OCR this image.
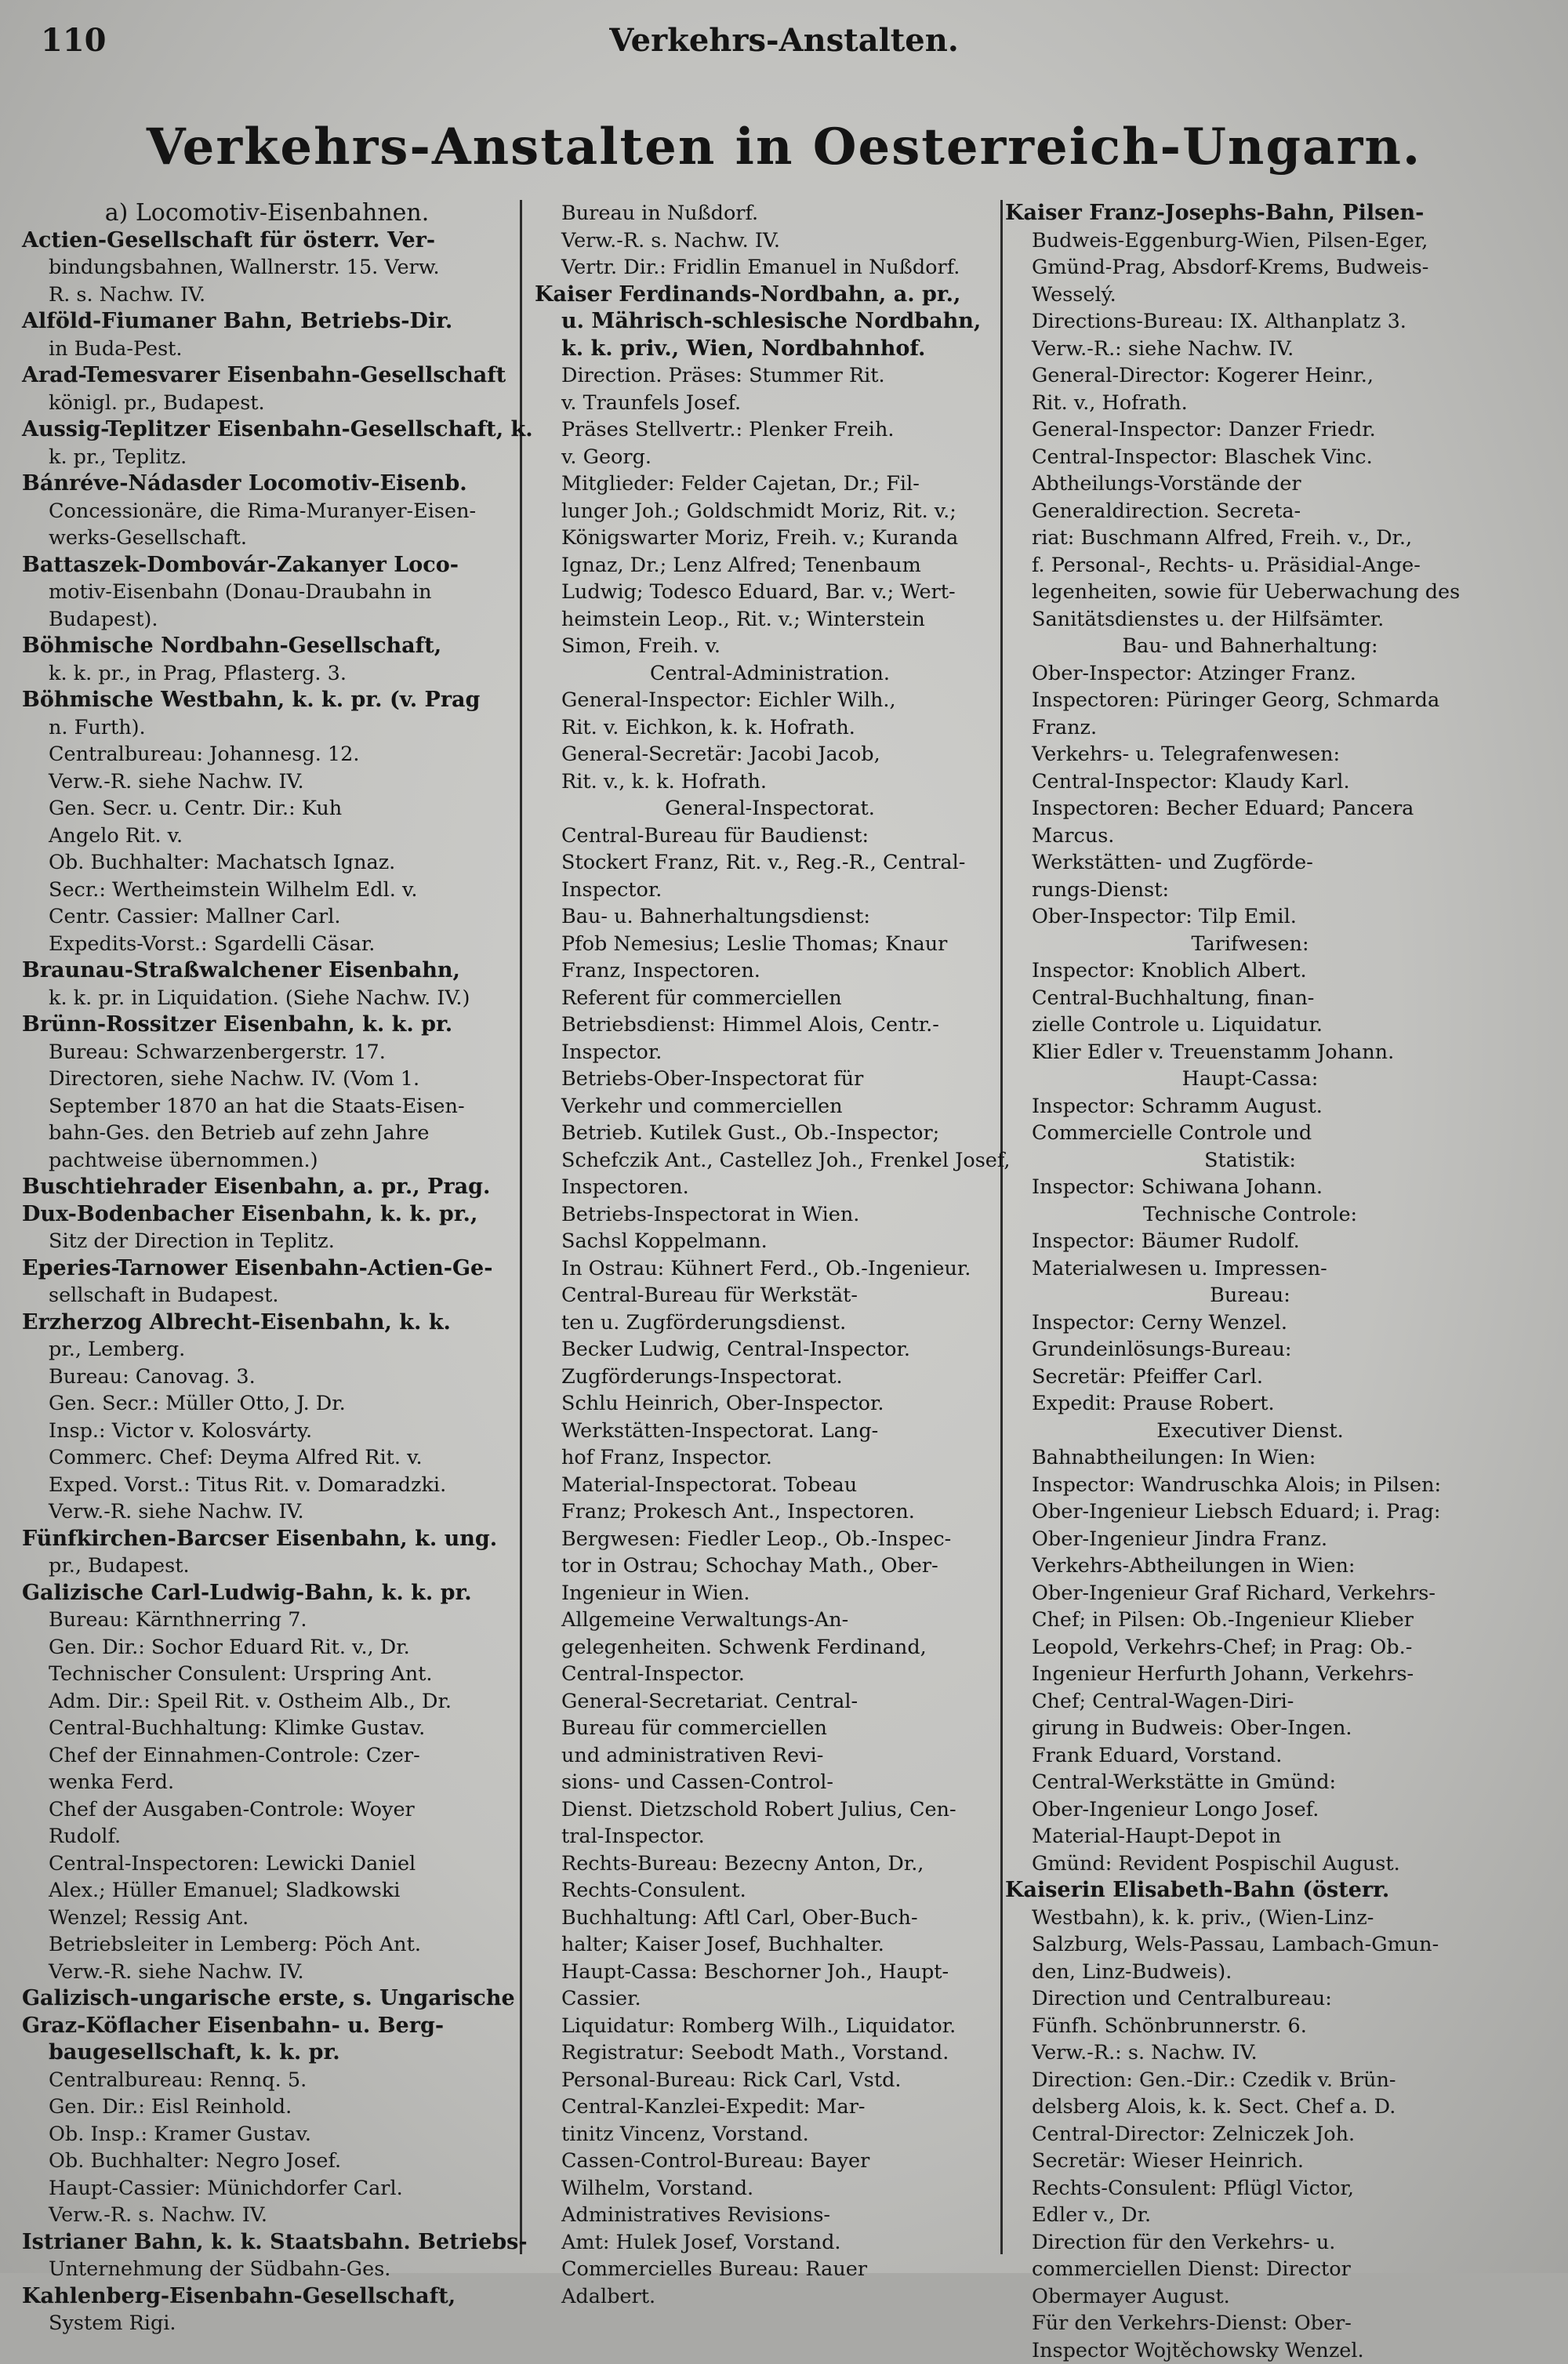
110	Verkehrs-Anstalten.
Verkehrs-Anstalten in Oesterreich-Ungarn.
a) Locomotiv-Eisenbahnen.
Actien-Gesellschaft für österr. Ver-
bindungsbahnen, Wallnerstr. 15. Verw.
R. s. Nachw. IV.
Alföld-Fiumaner Bahn, Betriebs-Dir.
in Buda-Pest.
Arad-Temesvarer Eisenbahn-Gesellschaft
königl. pr., Budapest.
Aussig-Teplitzer Eisenbahn-Gesellschaft, k.
k. pr., Teplitz.
Bánréve-Nádasder Locomotiv-Eisenb.
Concessionäre, die Rima-Muranyer-Eisen-
werks-Gesellschaft.
Battaszek-Dombovár-Zakanyer Loco-
motiv-Eisenbahn (Donau-Draubahn in
Budapest).
Böhmische Nordbahn-Gesellschaft,
k. k. pr., in Prag, Pflasterg. 3.
Böhmische Westbahn, k. k. pr. (v. Prag
n. Furth).
Centralbureau: Johannesg. 12.
Verw.-R. siehe Nachw. IV.
Gen. Secr. u. Centr. Dir.: Kuh
Angelo Rit. v.
Ob. Buchhalter: Machatsch Ignaz.
Secr.: Wertheimstein Wilhelm Edl. v.
Centr. Cassier: Mallner Carl.
Expedits-Vorst.: Sgardelli Cäsar.
Braunau-Straßwalchener Eisenbahn,
k. k. pr. in Liquidation. (Siehe Nachw. IV.)
Brünn-Rossitzer Eisenbahn, k. k. pr.
Bureau: Schwarzenbergerstr. 17.
Directoren, siehe Nachw. IV. (Vom 1.
September 1870 an hat die Staats-Eisen-
bahn-Ges. den Betrieb auf zehn Jahre
pachtweise übernommen.)
Buschtiehrader Eisenbahn, a. pr., Prag.
Dux-Bodenbacher Eisenbahn, k. k. pr.,
Sitz der Direction in Teplitz.
Eperies-Tarnower Eisenbahn-Actien-Ge-
sellschaft in Budapest.
Erzherzog Albrecht-Eisenbahn, k. k.
pr., Lemberg.
Bureau: Canovag. 3.
Gen. Secr.: Müller Otto, J. Dr.
Insp.: Victor v. Kolosvárty.
Commerc. Chef: Deyma Alfred Rit. v.
Exped. Vorst.: Titus Rit. v. Domaradzki.
Verw.-R. siehe Nachw. IV.
Fünfkirchen-Barcser Eisenbahn, k. ung.
pr., Budapest.
Galizische Carl-Ludwig-Bahn, k. k. pr.
Bureau: Kärnthnerring 7.
Gen. Dir.: Sochor Eduard Rit. v., Dr.
Technischer Consulent: Urspring Ant.
Adm. Dir.: Speil Rit. v. Ostheim Alb., Dr.
Central-Buchhaltung: Klimke Gustav.
Chef der Einnahmen-Controle: Czer-
wenka Ferd.
Chef der Ausgaben-Controle: Woyer
Rudolf.
Central-Inspectoren: Lewicki Daniel
Alex.; Hüller Emanuel; Sladkowski
Wenzel; Ressig Ant.
Betriebsleiter in Lemberg: Pöch Ant.
Verw.-R. siehe Nachw. IV.
Galizisch-ungarische erste, s. Ungarische
Graz-Köflacher Eisenbahn- u. Berg-
baugesellschaft, k. k. pr.
Centralbureau: Rennq. 5.
Gen. Dir.: Eisl Reinhold.
Ob. Insp.: Kramer Gustav.
Ob. Buchhalter: Negro Josef.
Haupt-Cassier: Münichdorfer Carl.
Verw.-R. s. Nachw. IV.
Istrianer Bahn, k. k. Staatsbahn. Betriebs-
Unternehmung der Südbahn-Ges.
Kahlenberg-Eisenbahn-Gesellschaft,
System Rigi.
Bureau in Nußdorf.
Verw.-R. s. Nachw. IV.
Vertr. Dir.: Fridlin Emanuel in Nußdorf.
Kaiser Ferdinands-Nordbahn, a. pr.,
u. Mährisch-schlesische Nordbahn,
k. k. priv., Wien, Nordbahnhof.
Direction. Präses: Stummer Rit.
v. Traunfels Josef.
Präses Stellvertr.: Plenker Freih.
v. Georg.
Mitglieder: Felder Cajetan, Dr.; Fil-
lunger Joh.; Goldschmidt Moriz, Rit. v.;
Königswarter Moriz, Freih. v.; Kuranda
Ignaz, Dr.; Lenz Alfred; Tenenbaum
Ludwig; Todesco Eduard, Bar. v.; Wert-
heimstein Leop., Rit. v.; Winterstein
Simon, Freih. v.
Central-Administration.
General-Inspector: Eichler Wilh.,
Rit. v. Eichkon, k. k. Hofrath.
General-Secretär: Jacobi Jacob,
Rit. v., k. k. Hofrath.
General-Inspectorat.
Central-Bureau für Baudienst:
Stockert Franz, Rit. v., Reg.-R., Central-
Inspector.
Bau- u. Bahnerhaltungsdienst:
Pfob Nemesius; Leslie Thomas; Knaur
Franz, Inspectoren.
Referent für commerciellen
Betriebsdienst: Himmel Alois, Centr.-
Inspector.
Betriebs-Ober-Inspectorat für
Verkehr und commerciellen
Betrieb. Kutilek Gust., Ob.-Inspector;
Schefczik Ant., Castellez Joh., Frenkel Josef,
Inspectoren.
Betriebs-Inspectorat in Wien.
Sachsl Koppelmann.
In Ostrau: Kühnert Ferd., Ob.-Ingenieur.
Central-Bureau für Werkstät-
ten u. Zugförderungsdienst.
Becker Ludwig, Central-Inspector.
Zugförderungs-Inspectorat.
Schlu Heinrich, Ober-Inspector.
Werkstätten-Inspectorat. Lang-
hof Franz, Inspector.
Material-Inspectorat. Tobeau
Franz; Prokesch Ant., Inspectoren.
Bergwesen: Fiedler Leop., Ob.-Inspec-
tor in Ostrau; Schochay Math., Ober-
Ingenieur in Wien.
Allgemeine Verwaltungs-An-
gelegenheiten. Schwenk Ferdinand,
Central-Inspector.
General-Secretariat. Central-
Bureau für commerciellen
und administrativen Revi-
sions- und Cassen-Control-
Dienst. Dietzschold Robert Julius, Cen-
tral-Inspector.
Rechts-Bureau: Bezecny Anton, Dr.,
Rechts-Consulent.
Buchhaltung: Aftl Carl, Ober-Buch-
halter; Kaiser Josef, Buchhalter.
Haupt-Cassa: Beschorner Joh., Haupt-
Cassier.
Liquidatur: Romberg Wilh., Liquidator.
Registratur: Seebodt Math., Vorstand.
Personal-Bureau: Rick Carl, Vstd.
Central-Kanzlei-Expedit: Mar-
tinitz Vincenz, Vorstand.
Cassen-Control-Bureau: Bayer
Wilhelm, Vorstand.
Administratives Revisions-
Amt: Hulek Josef, Vorstand.
Commercielles Bureau: Rauer
Adalbert.
Kaiser Franz-Josephs-Bahn, Pilsen-
Budweis-Eggenburg-Wien, Pilsen-Eger,
Gmünd-Prag, Absdorf-Krems, Budweis-
Wesselý.
Directions-Bureau: IX. Althanplatz 3.
Verw.-R.: siehe Nachw. IV.
General-Director: Kogerer Heinr.,
Rit. v., Hofrath.
General-Inspector: Danzer Friedr.
Central-Inspector: Blaschek Vinc.
Abtheilungs-Vorstände der
Generaldirection. Secreta-
riat: Buschmann Alfred, Freih. v., Dr.,
f. Personal-, Rechts- u. Präsidial-Ange-
legenheiten, sowie für Ueberwachung des
Sanitätsdienstes u. der Hilfsämter.
Bau- und Bahnerhaltung:
Ober-Inspector: Atzinger Franz.
Inspectoren: Püringer Georg, Schmarda
Franz.
Verkehrs- u. Telegrafenwesen:
Central-Inspector: Klaudy Karl.
Inspectoren: Becher Eduard; Pancera
Marcus.
Werkstätten- und Zugförde-
rungs-Dienst:
Ober-Inspector: Tilp Emil.
Tarifwesen:
Inspector: Knoblich Albert.
Central-Buchhaltung, finan-
zielle Controle u. Liquidatur.
Klier Edler v. Treuenstamm Johann.
Haupt-Cassa:
Inspector: Schramm August.
Commercielle Controle und
Statistik:
Inspector: Schiwana Johann.
Technische Controle:
Inspector: Bäumer Rudolf.
Materialwesen u. Impressen-
Bureau:
Inspector: Cerny Wenzel.
Grundeinlösungs-Bureau:
Secretär: Pfeiffer Carl.
Expedit: Prause Robert.
Executiver Dienst.
Bahnabtheilungen: In Wien:
Inspector: Wandruschka Alois; in Pilsen:
Ober-Ingenieur Liebsch Eduard; i. Prag:
Ober-Ingenieur Jindra Franz.
Verkehrs-Abtheilungen in Wien:
Ober-Ingenieur Graf Richard, Verkehrs-
Chef; in Pilsen: Ob.-Ingenieur Klieber
Leopold, Verkehrs-Chef; in Prag: Ob.-
Ingenieur Herfurth Johann, Verkehrs-
Chef; Central-Wagen-Diri-
girung in Budweis: Ober-Ingen.
Frank Eduard, Vorstand.
Central-Werkstätte in Gmünd:
Ober-Ingenieur Longo Josef.
Material-Haupt-Depot in
Gmünd: Revident Pospischil August.
Kaiserin Elisabeth-Bahn (österr.
Westbahn), k. k. priv., (Wien-Linz-
Salzburg, Wels-Passau, Lambach-Gmun-
den, Linz-Budweis).
Direction und Centralbureau:
Fünfh. Schönbrunnerstr. 6.
Verw.-R.: s. Nachw. IV.
Direction: Gen.-Dir.: Czedik v. Brün-
delsberg Alois, k. k. Sect. Chef a. D.
Central-Director: Zelniczek Joh.
Secretär: Wieser Heinrich.
Rechts-Consulent: Pflügl Victor,
Edler v., Dr.
Direction für den Verkehrs- u.
commerciellen Dienst: Director
Obermayer August.
Für den Verkehrs-Dienst: Ober-
Inspector Wojtěchowsky Wenzel.
